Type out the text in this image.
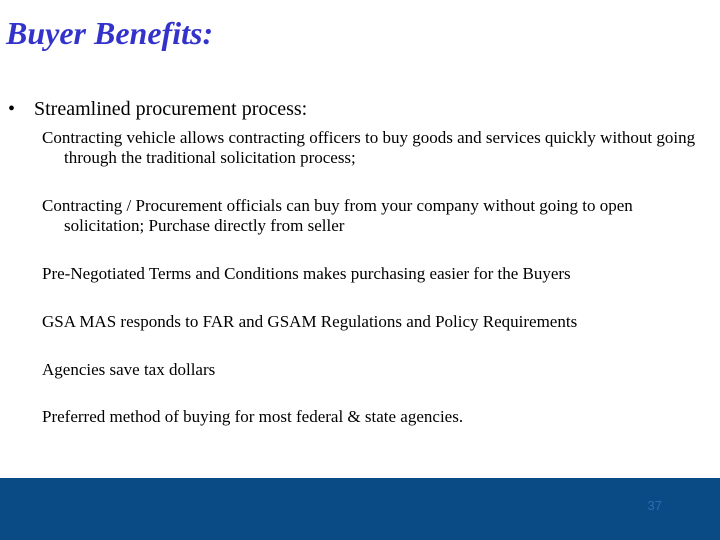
Buyer Benefits:
• Streamlined procurement process:
Contracting vehicle allows contracting officers to buy goods and services quickly without going through the traditional solicitation process;
Contracting / Procurement officials can buy from your company without going to open solicitation; Purchase directly from seller
Pre-Negotiated Terms and Conditions makes purchasing easier for the Buyers
GSA MAS responds to FAR and GSAM Regulations and Policy Requirements
Agencies save tax dollars
Preferred method of buying for most federal & state agencies.
37
